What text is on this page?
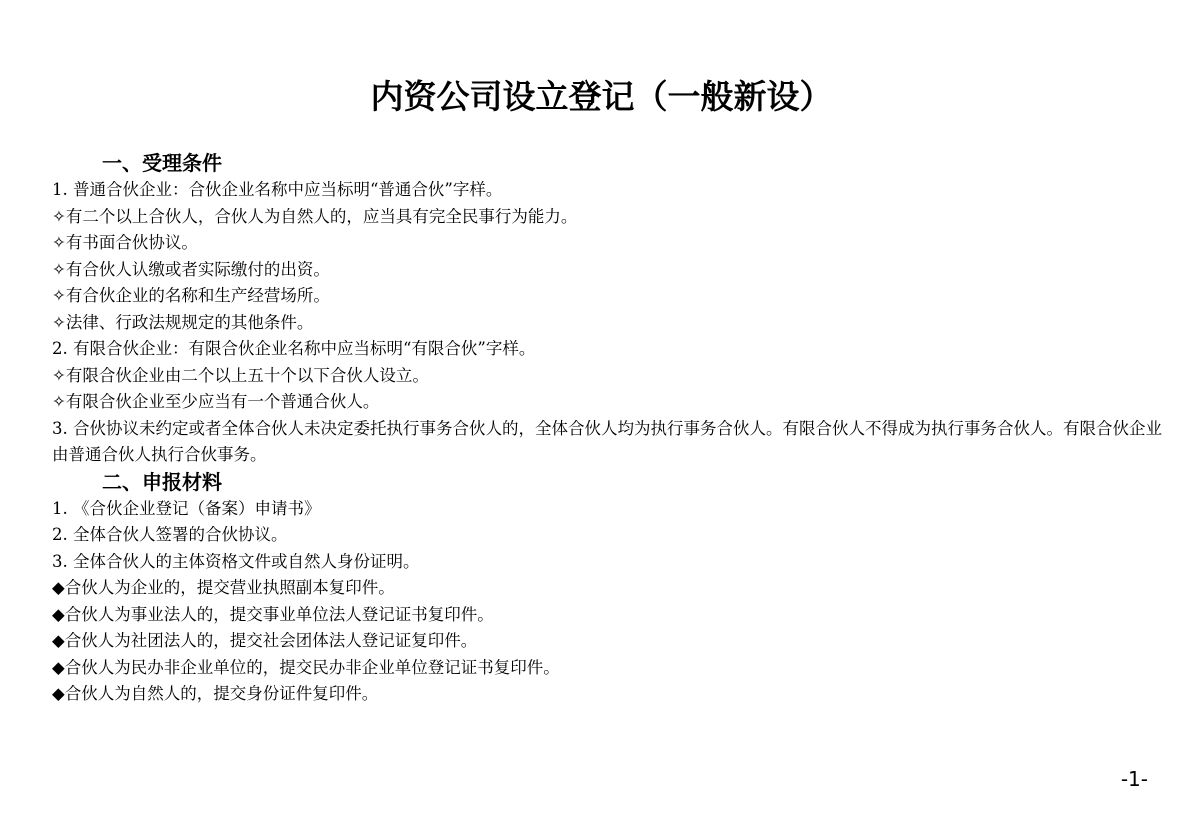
内资公司设立登记（一般新设）
一、受理条件
1. 普通合伙企业：合伙企业名称中应当标明“普通合伙”字样。
✧有二个以上合伙人，合伙人为自然人的，应当具有完全民事行为能力。
✧有书面合伙协议。
✧有合伙人认缴或者实际缴付的出资。
✧有合伙企业的名称和生产经营场所。
✧法律、行政法规规定的其他条件。
2. 有限合伙企业：有限合伙企业名称中应当标明“有限合伙”字样。
✧有限合伙企业由二个以上五十个以下合伙人设立。
✧有限合伙企业至少应当有一个普通合伙人。
3. 合伙协议未约定或者全体合伙人未决定委托执行事务合伙人的，全体合伙人均为执行事务合伙人。有限合伙人不得成为执行事务合伙人。有限合伙企业由普通合伙人执行合伙事务。
二、申报材料
1. 《合伙企业登记（备案）申请书》
2. 全体合伙人签署的合伙协议。
3. 全体合伙人的主体资格文件或自然人身份证明。
◆合伙人为企业的，提交营业执照副本复印件。
◆合伙人为事业法人的，提交事业单位法人登记证书复印件。
◆合伙人为社团法人的，提交社会团体法人登记证复印件。
◆合伙人为民办非企业单位的，提交民办非企业单位登记证书复印件。
◆合伙人为自然人的，提交身份证件复印件。
-1-
